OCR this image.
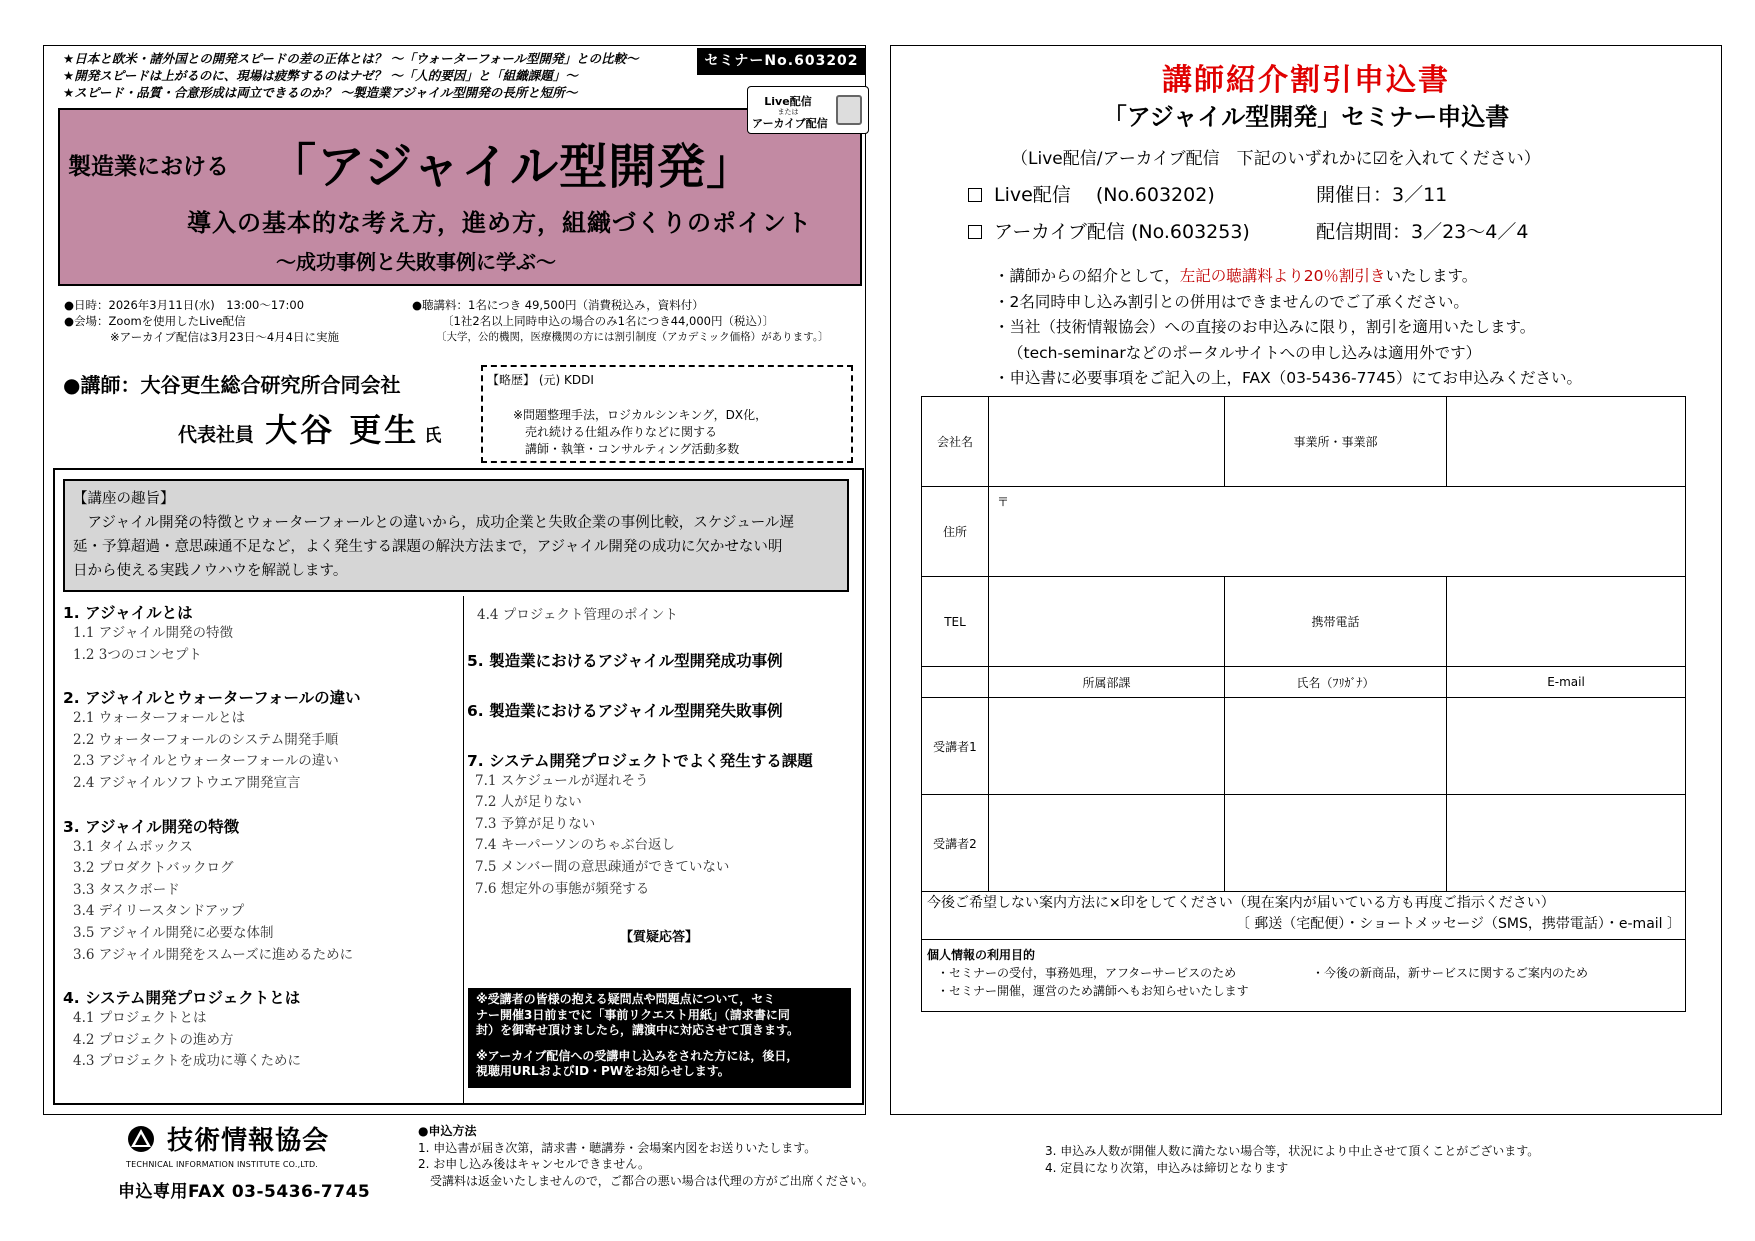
★日本と欧米・諸外国との開発スピードの差の正体とは？ ～「ウォーターフォール型開発」との比較～
★開発スピードは上がるのに、現場は疲弊するのはナゼ？ ～「人的要因」と「組織課題」～
★スピード・品質・合意形成は両立できるのか？ ～製造業アジャイル型開発の長所と短所～
セミナーNo.603202
Live配信
または
アーカイブ配信
製造業における 「アジャイル型開発」
導入の基本的な考え方，進め方，組織づくりのポイント
～成功事例と失敗事例に学ぶ～
●日時：2026年3月11日(水)　13:00～17:00
●会場：Zoomを使用したLive配信
　　　　※アーカイブ配信は3月23日～4月4日に実施
●聴講料：1名につき 49,500円（消費税込み，資料付）
〔1社2名以上同時申込の場合のみ1名につき44,000円（税込）〕
〔大学，公的機関，医療機関の方には割引制度（アカデミック価格）があります。〕
●講師：大谷更生総合研究所合同会社
代表社員 大谷 更生 氏
【略歴】 (元) KDDI
※問題整理手法，ロジカルシンキング，DX化，
　売れ続ける仕組み作りなどに関する
　講師・執筆・コンサルティング活動多数
【講座の趣旨】
　アジャイル開発の特徴とウォーターフォールとの違いから，成功企業と失敗企業の事例比較，スケジュール遅
延・予算超過・意思疎通不足など，よく発生する課題の解決方法まで，アジャイル開発の成功に欠かせない明
日から使える実践ノウハウを解説します。
1. アジャイルとは
1.1 アジャイル開発の特徴
1.2 3つのコンセプト
2. アジャイルとウォーターフォールの違い
2.1 ウォーターフォールとは
2.2 ウォーターフォールのシステム開発手順
2.3 アジャイルとウォーターフォールの違い
2.4 アジャイルソフトウエア開発宣言
3. アジャイル開発の特徴
3.1 タイムボックス
3.2 プロダクトバックログ
3.3 タスクボード
3.4 デイリースタンドアップ
3.5 アジャイル開発に必要な体制
3.6 アジャイル開発をスムーズに進めるために
4. システム開発プロジェクトとは
4.1 プロジェクトとは
4.2 プロジェクトの進め方
4.3 プロジェクトを成功に導くために
4.4 プロジェクト管理のポイント
5. 製造業におけるアジャイル型開発成功事例
6. 製造業におけるアジャイル型開発失敗事例
7. システム開発プロジェクトでよく発生する課題
7.1 スケジュールが遅れそう
7.2 人が足りない
7.3 予算が足りない
7.4 キーパーソンのちゃぶ台返し
7.5 メンバー間の意思疎通ができていない
7.6 想定外の事態が頻発する
【質疑応答】
※受講者の皆様の抱える疑問点や問題点について，セミ
ナー開催3日前までに「事前リクエスト用紙」（請求書に同
封）を御寄せ頂けましたら，講演中に対応させて頂きます。
※アーカイブ配信への受講申し込みをされた方には，後日，
視聴用URLおよびID・PWをお知らせします。
技術情報協会
TECHNICAL INFORMATION INSTITUTE CO.,LTD.
申込専用FAX 03-5436-7745
●申込方法
1. 申込書が届き次第，請求書・聴講券・会場案内図をお送りいたします。
2. お申し込み後はキャンセルできません。
　受講料は返金いたしませんので，ご都合の悪い場合は代理の方がご出席ください。
3. 申込み人数が開催人数に満たない場合等，状況により中止させて頂くことがございます。
4. 定員になり次第，申込みは締切となります
講師紹介割引申込書
「アジャイル型開発」セミナー申込書
（Live配信/アーカイブ配信　下記のいずれかに☑を入れてください）
Live配信　 (No.603202)	開催日：3／11
アーカイブ配信 (No.603253)	配信期間：3／23～4／4
・講師からの紹介として，左記の聴講料より20％割引きいたします。
・2名同時申し込み割引との併用はできませんのでご了承ください。
・当社（技術情報協会）への直接のお申込みに限り，割引を適用いたします。
（tech-seminarなどのポータルサイトへの申し込みは適用外です）
・申込書に必要事項をご記入の上，FAX（03-5436-7745）にてお申込みください。
会社名		事業所・事業部	
住所	〒		
TEL		携帯電話	
	所属部課	氏名（ﾌﾘｶﾞﾅ）	E-mail
受講者1			
受講者2			

今後ご希望しない案内方法に×印をしてください（現在案内が届いている方も再度ご指示ください）
〔 郵送（宅配便）・ショートメッセージ（SMS，携帯電話）・e-mail 〕
個人情報の利用目的
・セミナーの受付，事務処理，アフターサービスのため	・今後の新商品，新サービスに関するご案内のため
・セミナー開催，運営のため講師へもお知らせいたします
